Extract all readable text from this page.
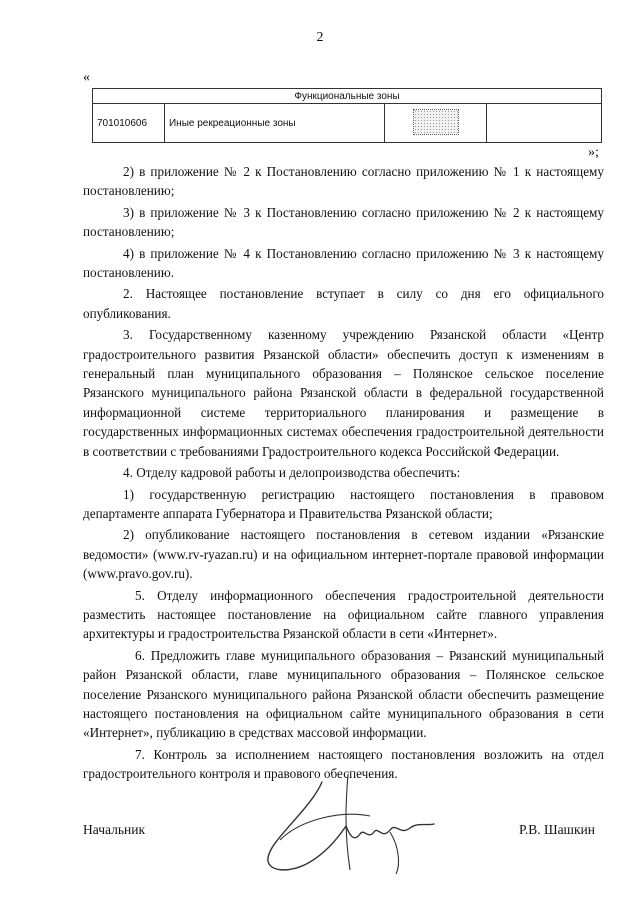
2
«
Функциональные зоны
701010606	Иные рекреационные зоны		
»;

2) в приложение № 2 к Постановлению согласно приложению № 1 к настоящему постановлению;

3) в приложение № 3 к Постановлению согласно приложению № 2 к настоящему постановлению;

4) в приложение № 4 к Постановлению согласно приложению № 3 к настоящему постановлению.

2. Настоящее постановление вступает в силу со дня его официального опубликования.

3. Государственному казенному учреждению Рязанской области «Центр градостроительного развития Рязанской области» обеспечить доступ к изменениям в генеральный план муниципального образования – Полянское сельское поселение Рязанского муниципального района Рязанской области в федеральной государственной информационной системе территориального планирования и размещение в государственных информационных системах обеспечения градостроительной деятельности в соответствии с требованиями Градостроительного кодекса Российской Федерации.

4. Отделу кадровой работы и делопроизводства обеспечить:

1) государственную регистрацию настоящего постановления в правовом департаменте аппарата Губернатора и Правительства Рязанской области;

2) опубликование настоящего постановления в сетевом издании «Рязанские ведомости» (www.rv-ryazan.ru) и на официальном интернет-портале правовой информации (www.pravo.gov.ru).

5. Отделу информационного обеспечения градостроительной деятельности разместить настоящее постановление на официальном сайте главного управления архитектуры и градостроительства Рязанской области в сети «Интернет».

6. Предложить главе муниципального образования – Рязанский муниципальный район Рязанской области, главе муниципального образования – Полянское сельское поселение Рязанского муниципального района Рязанской области обеспечить размещение настоящего постановления на официальном сайте муниципального образования в сети «Интернет», публикацию в средствах массовой информации.

7. Контроль за исполнением настоящего постановления возложить на отдел градостроительного контроля и правового обеспечения.

Начальник	Р.В. Шашкин
